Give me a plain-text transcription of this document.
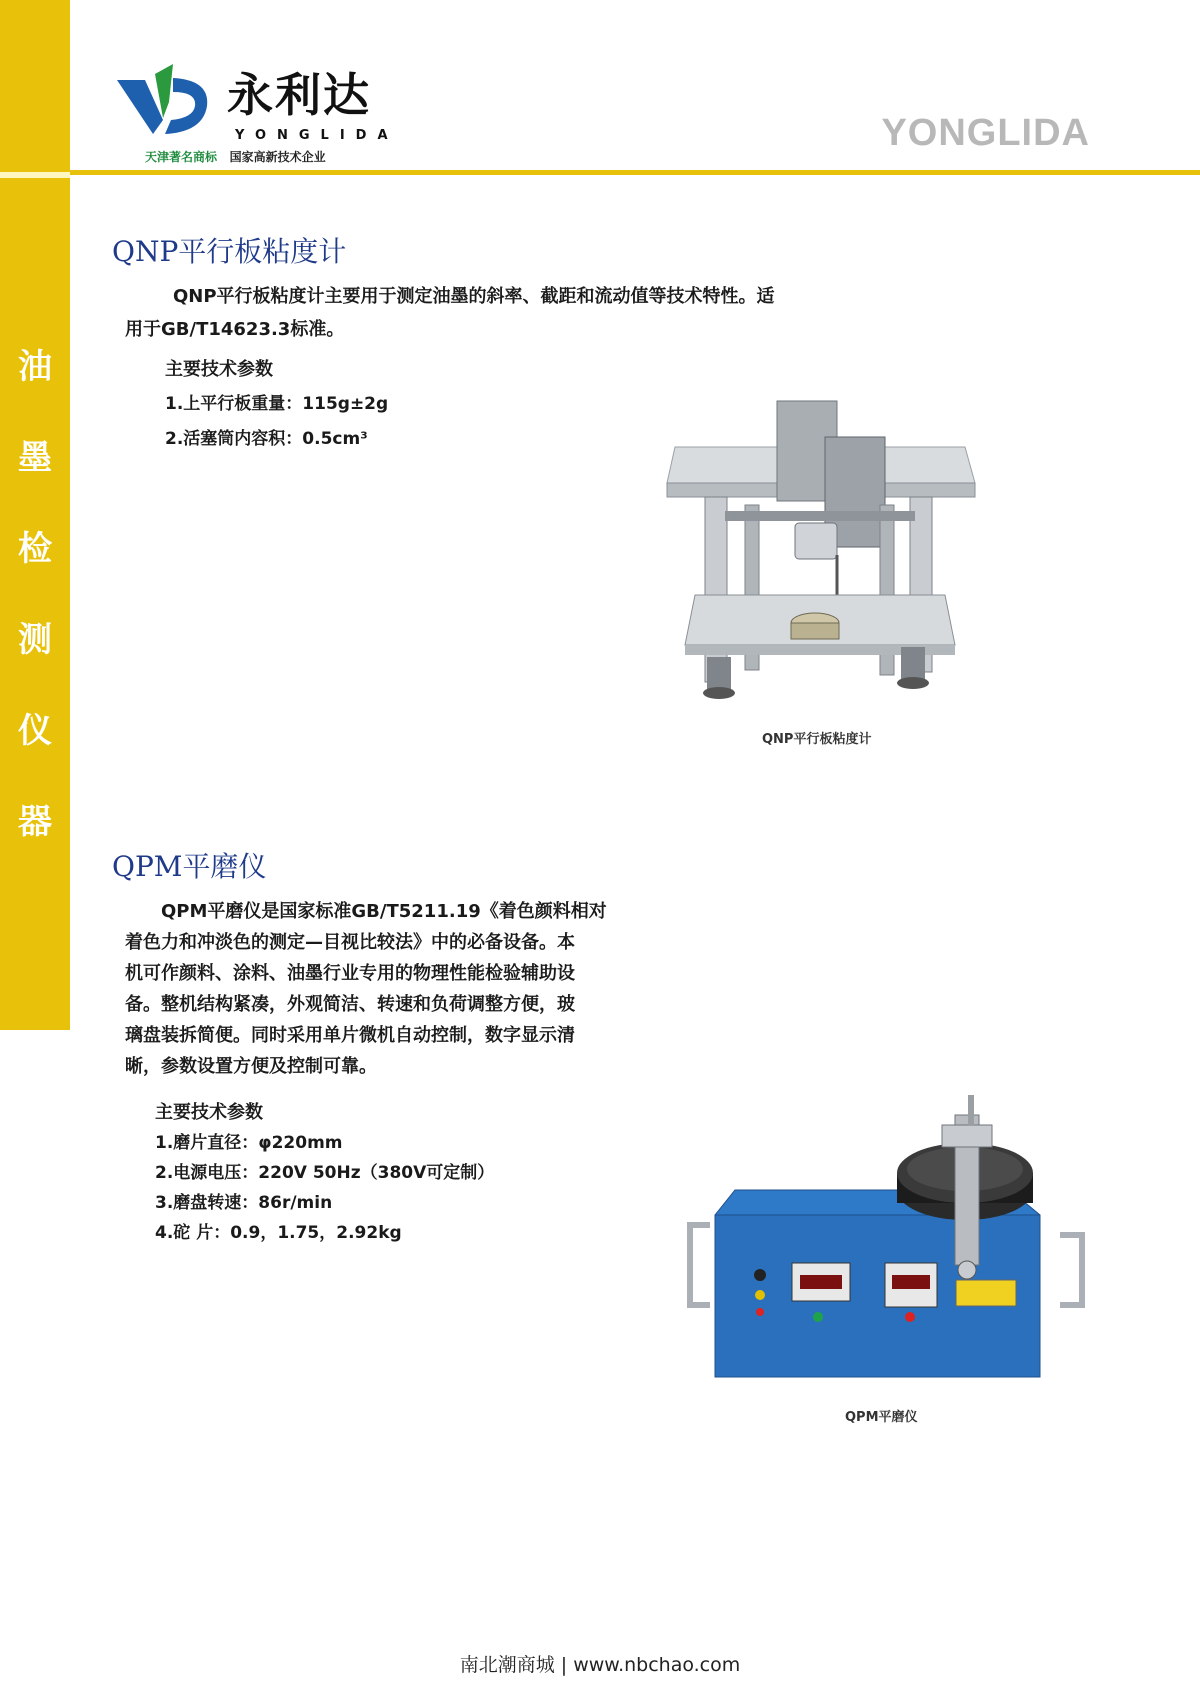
油
墨
检
测
仪
器
永利达
YONGLIDA
天津著名商标 国家高新技术企业
YONGLIDA
QNP平行板粘度计
QNP平行板粘度计主要用于测定油墨的斜率、截距和流动值等技术特性。适
用于GB/T14623.3标准。
主要技术参数
1.上平行板重量：115g±2g
2.活塞筒内容积：0.5cm³
QNP平行板粘度计
QPM平磨仪
QPM平磨仪是国家标准GB/T5211.19《着色颜料相对
着色力和冲淡色的测定—目视比较法》中的必备设备。本
机可作颜料、涂料、油墨行业专用的物理性能检验辅助设
备。整机结构紧凑，外观简洁、转速和负荷调整方便，玻
璃盘装拆简便。同时采用单片微机自动控制，数字显示清
晰，参数设置方便及控制可靠。
主要技术参数
1.磨片直径：φ220mm
2.电源电压：220V 50Hz（380V可定制）
3.磨盘转速：86r/min
4.砣 片：0.9，1.75，2.92kg
QPM平磨仪
南北潮商城 | www.nbchao.com
